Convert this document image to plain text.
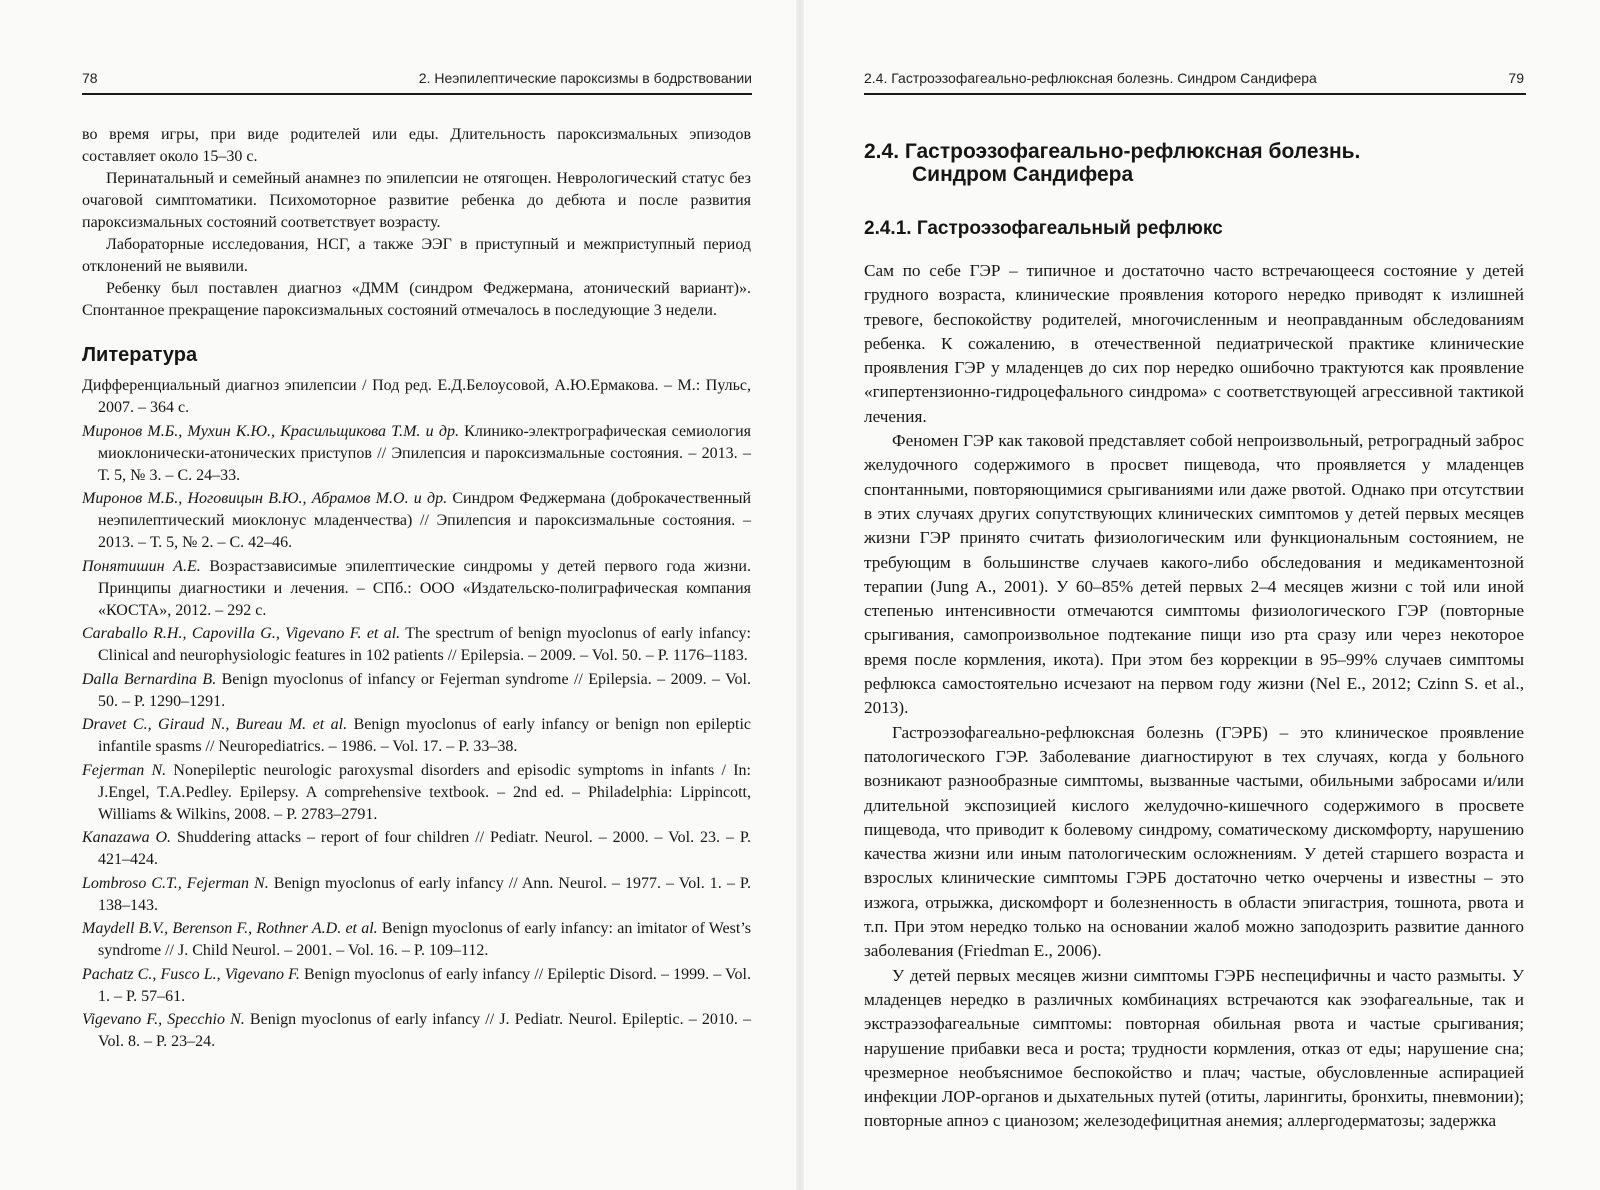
78	2. Неэпилептические пароксизмы в бодрствовании

во время игры, при виде родителей или еды. Длительность пароксизмальных эпизодов составляет около 15–30 с.

Перинатальный и семейный анамнез по эпилепсии не отягощен. Неврологический статус без очаговой симптоматики. Психомоторное развитие ребенка до дебюта и после развития пароксизмальных состояний соответствует возрасту.

Лабораторные исследования, НСГ, а также ЭЭГ в приступный и межприступный период отклонений не выявили.

Ребенку был поставлен диагноз «ДММ (синдром Феджермана, атонический вариант)». Спонтанное прекращение пароксизмальных состояний отмечалось в последующие 3 недели.

Литература

Дифференциальный диагноз эпилепсии / Под ред. Е.Д.Белоусовой, А.Ю.Ермакова. – М.: Пульс, 2007. – 364 с.

Миронов М.Б., Мухин К.Ю., Красильщикова Т.М. и др. Клинико-электрографическая семиология миоклонически-атонических приступов // Эпилепсия и пароксизмальные состояния. – 2013. – Т. 5, № 3. – С. 24–33.

Миронов М.Б., Ноговицын В.Ю., Абрамов М.О. и др. Синдром Феджермана (доброкачественный неэпилептический миоклонус младенчества) // Эпилепсия и пароксизмальные состояния. – 2013. – Т. 5, № 2. – С. 42–46.

Понятишин А.Е. Возрастзависимые эпилептические синдромы у детей первого года жизни. Принципы диагностики и лечения. – СПб.: ООО «Издательско-полиграфическая компания «КОСТА», 2012. – 292 с.

Caraballo R.H., Capovilla G., Vigevano F. et al. The spectrum of benign myoclonus of early infancy: Clinical and neurophysiologic features in 102 patients // Epilepsia. – 2009. – Vol. 50. – P. 1176–1183.

Dalla Bernardina B. Benign myoclonus of infancy or Fejerman syndrome // Epilepsia. – 2009. – Vol. 50. – P. 1290–1291.

Dravet C., Giraud N., Bureau M. et al. Benign myoclonus of early infancy or benign non epileptic infantile spasms // Neuropediatrics. – 1986. – Vol. 17. – P. 33–38.

Fejerman N. Nonepileptic neurologic paroxysmal disorders and episodic symptoms in infants / In: J.Engel, T.A.Pedley. Epilepsy. A comprehensive textbook. – 2nd ed. – Philadelphia: Lippincott, Williams & Wilkins, 2008. – P. 2783–2791.

Kanazawa O. Shuddering attacks – report of four children // Pediatr. Neurol. – 2000. – Vol. 23. – P. 421–424.

Lombroso C.T., Fejerman N. Benign myoclonus of early infancy // Ann. Neurol. – 1977. – Vol. 1. – P. 138–143.

Maydell B.V., Berenson F., Rothner A.D. et al. Benign myoclonus of early infancy: an imitator of West’s syndrome // J. Child Neurol. – 2001. – Vol. 16. – P. 109–112.

Pachatz C., Fusco L., Vigevano F. Benign myoclonus of early infancy // Epileptic Disord. – 1999. – Vol. 1. – P. 57–61.

Vigevano F., Specchio N. Benign myoclonus of early infancy // J. Pediatr. Neurol. Epileptic. – 2010. – Vol. 8. – P. 23–24.

2.4. Гастроэзофагеально-рефлюксная болезнь. Синдром Сандифера	79
2.4. Гастроэзофагеально-рефлюксная болезнь.
Синдром Сандифера
2.4.1. Гастроэзофагеальный рефлюкс

Сам по себе ГЭР – типичное и достаточно часто встречающееся состояние у детей грудного возраста, клинические проявления которого нередко приводят к излишней тревоге, беспокойству родителей, многочисленным и неоправданным обследованиям ребенка. К сожалению, в отечественной педиатрической практике клинические проявления ГЭР у младенцев до сих пор нередко ошибочно трактуются как проявление «гипертензионно-гидроцефального синдрома» с соответствующей агрессивной тактикой лечения.

Феномен ГЭР как таковой представляет собой непроизвольный, ретроградный заброс желудочного содержимого в просвет пищевода, что проявляется у младенцев спонтанными, повторяющимися срыгиваниями или даже рвотой. Однако при отсутствии в этих случаях других сопутствующих клинических симптомов у детей первых месяцев жизни ГЭР принято считать физиологическим или функциональным состоянием, не требующим в большинстве случаев какого-либо обследования и медикаментозной терапии (Jung A., 2001). У 60–85% детей первых 2–4 месяцев жизни с той или иной степенью интенсивности отмечаются симптомы физиологического ГЭР (повторные срыгивания, самопроизвольное подтекание пищи изо рта сразу или через некоторое время после кормления, икота). При этом без коррекции в 95–99% случаев симптомы рефлюкса самостоятельно исчезают на первом году жизни (Nel E., 2012; Czinn S. et al., 2013).

Гастроэзофагеально-рефлюксная болезнь (ГЭРБ) – это клиническое проявление патологического ГЭР. Заболевание диагностируют в тех случаях, когда у больного возникают разнообразные симптомы, вызванные частыми, обильными забросами и/или длительной экспозицией кислого желудочно-кишечного содержимого в просвете пищевода, что приводит к болевому синдрому, соматическому дискомфорту, нарушению качества жизни или иным патологическим осложнениям. У детей старшего возраста и взрослых клинические симптомы ГЭРБ достаточно четко очерчены и известны – это изжога, отрыжка, дискомфорт и болезненность в области эпигастрия, тошнота, рвота и т.п. При этом нередко только на основании жалоб можно заподозрить развитие данного заболевания (Friedman E., 2006).

У детей первых месяцев жизни симптомы ГЭРБ неспецифичны и часто размыты. У младенцев нередко в различных комбинациях встречаются как эзофагеальные, так и экстраэзофагеальные симптомы: повторная обильная рвота и частые срыгивания; нарушение прибавки веса и роста; трудности кормления, отказ от еды; нарушение сна; чрезмерное необъяснимое беспокойство и плач; частые, обусловленные аспирацией инфекции ЛОР-органов и дыхательных путей (отиты, ларингиты, бронхиты, пневмонии); повторные апноэ с цианозом; железодефицитная анемия; аллергодерматозы; задержка
